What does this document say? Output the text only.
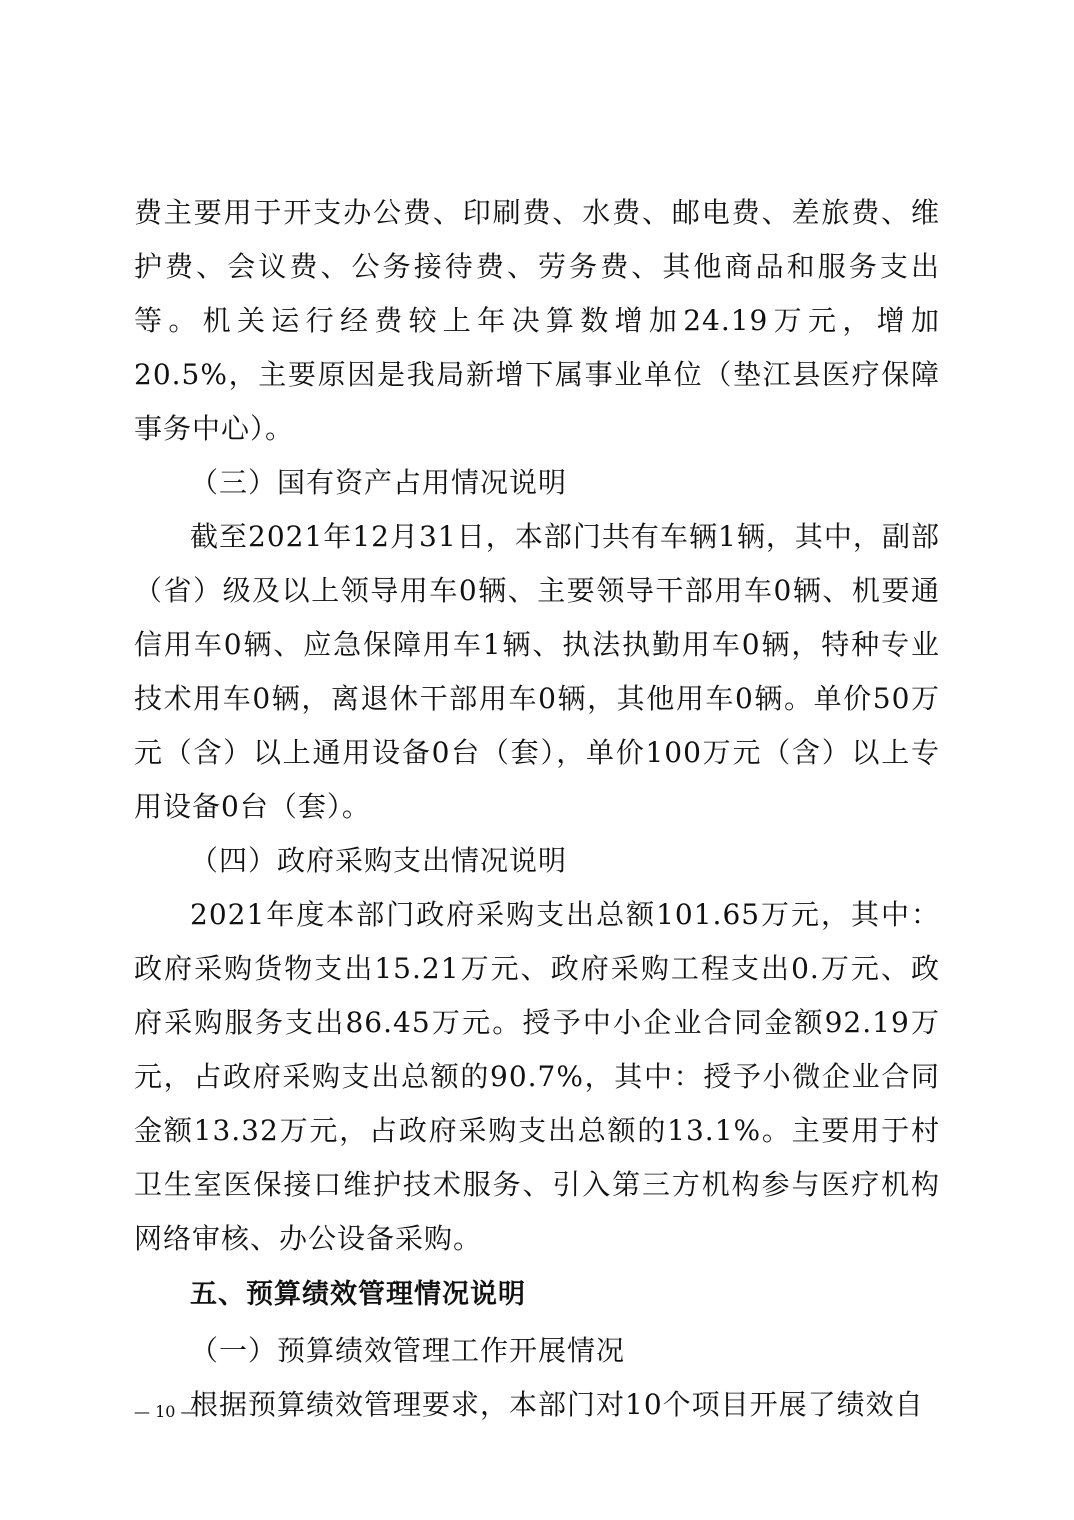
费主要用于开支办公费、印刷费、水费、邮电费、差旅费、维护费、会议费、公务接待费、劳务费、其他商品和服务支出等。机关运行经费较上年决算数增加24.19万元，增加20.5%，主要原因是我局新增下属事业单位（垫江县医疗保障事务中心）。

（三）国有资产占用情况说明

截至2021年12月31日，本部门共有车辆1辆，其中，副部（省）级及以上领导用车0辆、主要领导干部用车0辆、机要通信用车0辆、应急保障用车1辆、执法执勤用车0辆，特种专业技术用车0辆，离退休干部用车0辆，其他用车0辆。单价50万元（含）以上通用设备0台（套），单价100万元（含）以上专用设备0台（套）。

（四）政府采购支出情况说明

2021年度本部门政府采购支出总额101.65万元，其中：政府采购货物支出15.21万元、政府采购工程支出0.万元、政府采购服务支出86.45万元。授予中小企业合同金额92.19万元，占政府采购支出总额的90.7%，其中：授予小微企业合同金额13.32万元，占政府采购支出总额的13.1%。主要用于村卫生室医保接口维护技术服务、引入第三方机构参与医疗机构网络审核、办公设备采购。

五、预算绩效管理情况说明

（一）预算绩效管理工作开展情况

根据预算绩效管理要求，本部门对10个项目开展了绩效自

— 10 —
